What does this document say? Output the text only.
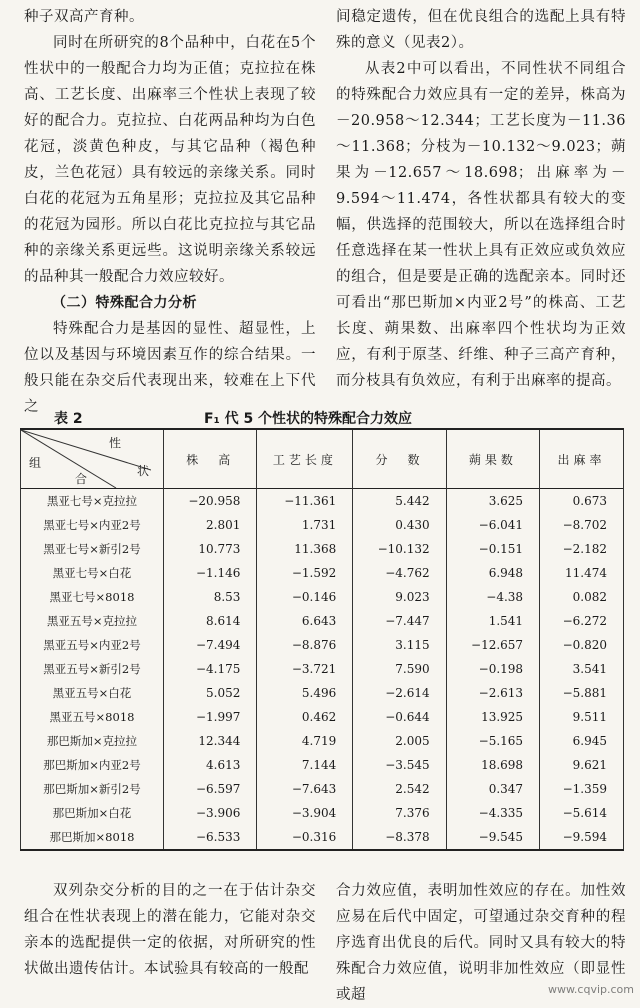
种子双高产育种。

同时在所研究的8个品种中，白花在5个性状中的一般配合力均为正值；克拉拉在株高、工艺长度、出麻率三个性状上表现了较好的配合力。克拉拉、白花两品种均为白色花冠，淡黄色种皮，与其它品种（褐色种皮，兰色花冠）具有较远的亲缘关系。同时白花的花冠为五角星形；克拉拉及其它品种的花冠为园形。所以白花比克拉拉与其它品种的亲缘关系更远些。这说明亲缘关系较远的品种其一般配合力效应较好。

（二）特殊配合力分析

特殊配合力是基因的显性、超显性，上位以及基因与环境因素互作的综合结果。一般只能在杂交后代表现出来，较难在上下代之

间稳定遗传，但在优良组合的选配上具有特殊的意义（见表2）。

从表2中可以看出，不同性状不同组合的特殊配合力效应具有一定的差异，株高为－20.958～12.344；工艺长度为－11.36～11.368；分枝为－10.132～9.023；蒴果为－12.657～18.698；出麻率为－9.594～11.474，各性状都具有较大的变幅，供选择的范围较大，所以在选择组合时任意选择在某一性状上具有正效应或负效应的组合，但是要是正确的选配亲本。同时还可看出“那巴斯加×内亚2号”的株高、工艺长度、蒴果数、出麻率四个性状均为正效应，有利于原茎、纤维、种子三高产育种，而分枝具有负效应，有利于出麻率的提高。

表 2	F₁ 代 5 个性状的特殊配合力效应
性
状
组
合	株　高	工艺长度	分　数	蒴果数	出麻率
黑亚七号×克拉拉	−20.958	−11.361	5.442	3.625	0.673
黑亚七号×内亚2号	2.801	1.731	0.430	−6.041	−8.702
黑亚七号×新引2号	10.773	11.368	−10.132	−0.151	−2.182
黑亚七号×白花	−1.146	−1.592	−4.762	6.948	11.474
黑亚七号×8018	8.53	−0.146	9.023	−4.38	0.082
黑亚五号×克拉拉	8.614	6.643	−7.447	1.541	−6.272
黑亚五号×内亚2号	−7.494	−8.876	3.115	−12.657	−0.820
黑亚五号×新引2号	−4.175	−3.721	7.590	−0.198	3.541
黑亚五号×白花	5.052	5.496	−2.614	−2.613	−5.881
黑亚五号×8018	−1.997	0.462	−0.644	13.925	9.511
那巴斯加×克拉拉	12.344	4.719	2.005	−5.165	6.945
那巴斯加×内亚2号	4.613	7.144	−3.545	18.698	9.621
那巴斯加×新引2号	−6.597	−7.643	2.542	0.347	−1.359
那巴斯加×白花	−3.906	−3.904	7.376	−4.335	−5.614
那巴斯加×8018	−6.533	−0.316	−8.378	−9.545	−9.594

双列杂交分析的目的之一在于估计杂交组合在性状表现上的潜在能力，它能对杂交亲本的选配提供一定的依据，对所研究的性状做出遗传估计。本试验具有较高的一般配

合力效应值，表明加性效应的存在。加性效应易在后代中固定，可望通过杂交育种的程序选育出优良的后代。同时又具有较大的特殊配合力效应值，说明非加性效应（即显性或超	www.cqvip.com
